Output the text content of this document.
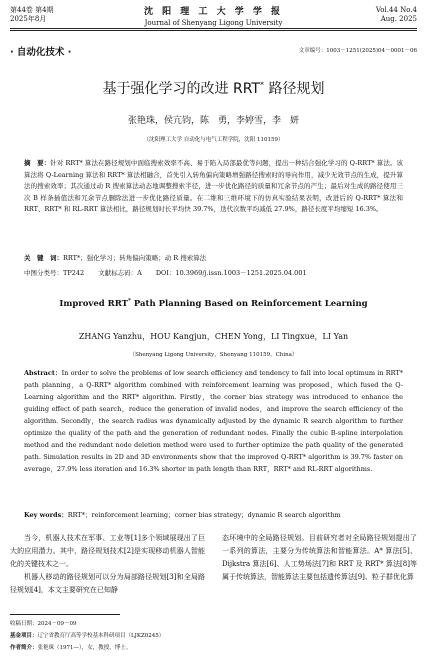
第44卷 第4期
2025年8月
沈 阳 理 工 大 学 学 报
Journal of Shenyang Ligong University
Vol.44 No.4
Aug. 2025
· 自动化技术 ·	文章编号：1003－1251(2025)04－0001－06
基于强化学习的改进 RRT* 路径规划
张艳珠，侯亢钧，陈　勇，李婷雪，李　妍
（沈阳理工大学 自动化与电气工程学院，沈阳 110159）
摘　要：针对 RRT* 算法在路径规划中面临搜索效率不高、易于陷入局部最优等问题，提出一种结合强化学习的 Q-RRT* 算法。该算法将 Q-Learning 算法和 RRT* 算法相融合，首先引入转角偏向策略增强路径搜索时的导向作用，减少无效节点的生成，提升算法的搜索效率；其次通过动 R 搜索算法动态地调整搜索半径，进一步优化路径的质量和冗余节点的产生；最后对生成的路径使用三次 B 样条插值法和冗余节点删除法进一步优化路径质量。在二维和三维环境下的仿真实验结果表明，改进后的 Q-RRT* 算法和 RRT、RRT* 和 RL-RRT 算法相比，路径规划时长平均快 39.7%，迭代次数平均减低 27.9%，路径长度平均缩短 16.3%。
关　键　词：RRT*；强化学习；转角偏向策略；动 R 搜索算法
中图分类号：TP242 文献标志码：A DOI：10.3969/j.issn.1003－1251.2025.04.001
Improved RRT* Path Planning Based on Reinforcement Learning
ZHANG Yanzhu，HOU Kangjun，CHEN Yong，LI Tingxue，LI Yan
（Shenyang Ligong University，Shenyang 110159，China）
Abstract：In order to solve the problems of low search efficiency and tendency to fall into local optimum in RRT* path planning，a Q-RRT* algorithm combined with reinforcement learning was proposed，which fused the Q-Learning algorithm and the RRT* algorithm. Firstly，the corner bias strategy was introduced to enhance the guiding effect of path search，reduce the generation of invalid nodes，and improve the search efficiency of the algorithm. Secondly，the search radius was dynamically adjusted by the dynamic R search algorithm to further optimize the quality of the path and the generation of redundant nodes. Finally the cubic B-spline interpolation method and the redundant node deletion method were used to further optimize the path quality of the generated path. Simulation results in 2D and 3D environments show that the improved Q-RRT* algorithm is 39.7% faster on average，27.9% less iteration and 16.3% shorter in path length than RRT，RRT* and RL-RRT algorithms.
Key words：RRT*；reinforcement learning；corner bias strategy；dynamic R search algorithm

当今，机器人技术在军事、工业等[1]多个领域展现出了巨大的应用潜力。其中，路径规划技术[2]是实现移动机器人智能化的关键技术之一。

机器人移动的路径规划可以分为局部路径规划[3]和全局路径规划[4]，本文主要研究在已知静

态环境中的全局路径规划。目前研究者对全局路径规划提出了一系列的算法，主要分为传统算法和智能算法。A* 算法[5]、Dijkstra 算法[6]、人工势场法[7]和 RRT 及 RRT* 算法[8]等属于传统算法，智能算法主要包括遗传算法[9]、粒子群优化算

收稿日期：2024－09－09
基金项目：辽宁省教育厅高等学校基本科研项目（LJKZ0245）
作者简介：张艳珠（1971—），女，教授，博士。
